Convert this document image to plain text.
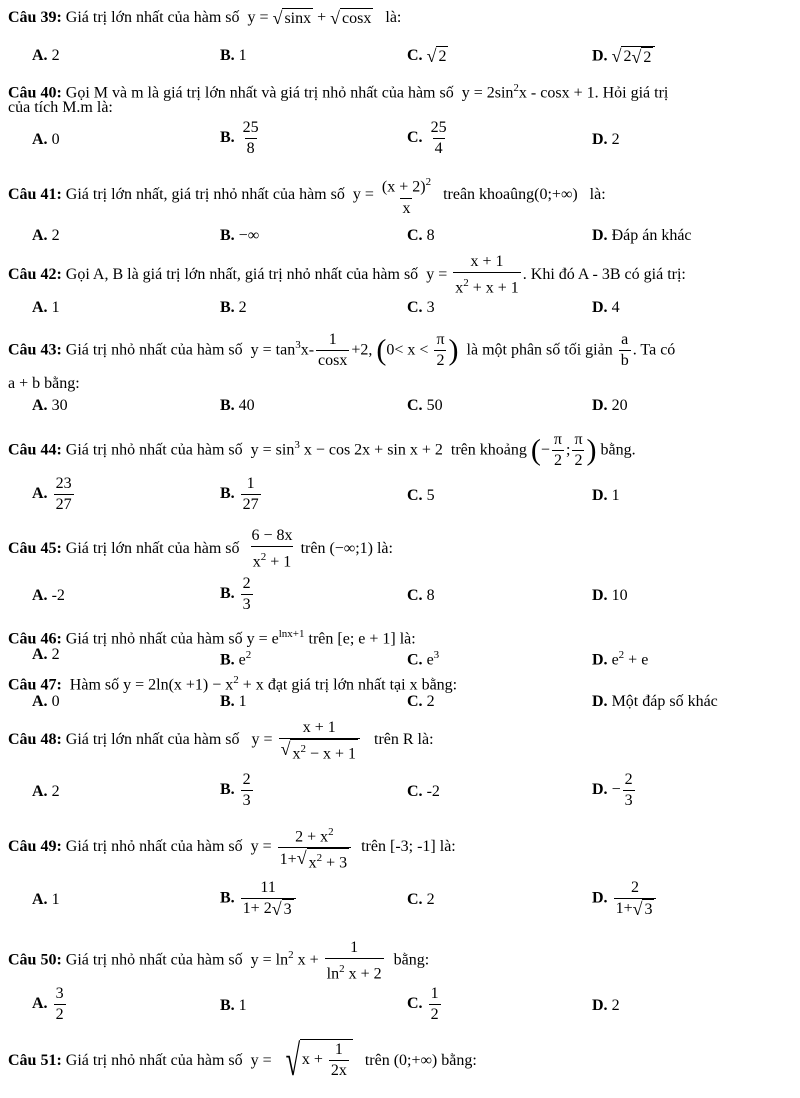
Câu 39: Giá trị lớn nhất của hàm số  y = √ sinx + √ cosx là:
A. 2	B. 1	C. √ 2	D. √ 2 √ 2
Câu 40: Gọi M và m là giá trị lớn nhất và giá trị nhỏ nhất của hàm số  $y = 2\sin^2x - \cos x + 1$. Hỏi giá trị
của tích M.m là:
A. 0	B. $\frac{25}{8}$	C. $\frac{25}{4}$	D. 2
Câu 41: Giá trị lớn nhất, giá trị nhỏ nhất của hàm số  $y = \frac{(x + 2)^2}{x}$ treân khoaûng(0;+∞) là:
A. 2	B. −∞	C. 8	D. Đáp án khác
Câu 42: Gọi A, B là giá trị lớn nhất, giá trị nhỏ nhất của hàm số  $y = \frac{x + 1}{x^2 + x + 1}$ . Khi đó A - 3B có giá trị:
A. 1	B. 2	C. 3	D. 4
Câu 43: Giá trị nhỏ nhất của hàm số  $y = \tan^3x- \frac{1}{\cos x} +2$, ($0< x < \frac{\pi}{2}$ ) là một phân số tối giản $\frac{a}{b}$ . Ta có
a + b bằng:
A. 30	B. 40	C. 50	D. 20
Câu 44: Giá trị nhỏ nhất của hàm số  $y = \sin^3 x - \cos 2x + \sin x + 2$  trên khoảng (− $\frac{\pi}{2}$ ; $\frac{\pi}{2}$ ) bằng.
A. $\frac{23}{27}$	B. $\frac{1}{27}$	C. 5	D. 1
Câu 45: Giá trị lớn nhất của hàm số $\frac{6 - 8x}{x^2 + 1}$ trên (−∞;1) là:
A. -2	B. $\frac{2}{3}$	C. 8	D. 10
Câu 46: Giá trị nhỏ nhất của hàm số $y = e^{lnx+1}$ trên [e; e + 1] là:
A. 2	B. $e^2$	C. $e^3$	D. $e^2 + e$
Câu 47: Hàm số $y = 2\ln(x +1) - x^2 + x$ đạt giá trị lớn nhất tại x bằng:
A. 0	B. 1	C. 2	D. Một đáp số khác
Câu 48: Giá trị lớn nhất của hàm số   $y = \frac{x + 1}{√ x^2 - x + 1}$ trên R là:
A. 2	B. $\frac{2}{3}$	C. -2	D. − $\frac{2}{3}$
Câu 49: Giá trị nhỏ nhất của hàm số  $y = \frac{2 + x^2}{1+ √ x^2 + 3}$ trên [-3; -1] là:
A. 1	B. $\frac{11}{1+ 2 √ 3}$	C. 2	D. $\frac{2}{1+ √ 3}$
Câu 50: Giá trị nhỏ nhất của hàm số  $y = \ln^2 x + \frac{1}{\ln^2 x + 2}$ bằng:
A. $\frac{3}{2}$	B. 1	C. $\frac{1}{2}$	D. 2
Câu 51: Giá trị nhỏ nhất của hàm số  y = √ $x + \frac{1}{2x}$ trên (0;+∞) bằng:
